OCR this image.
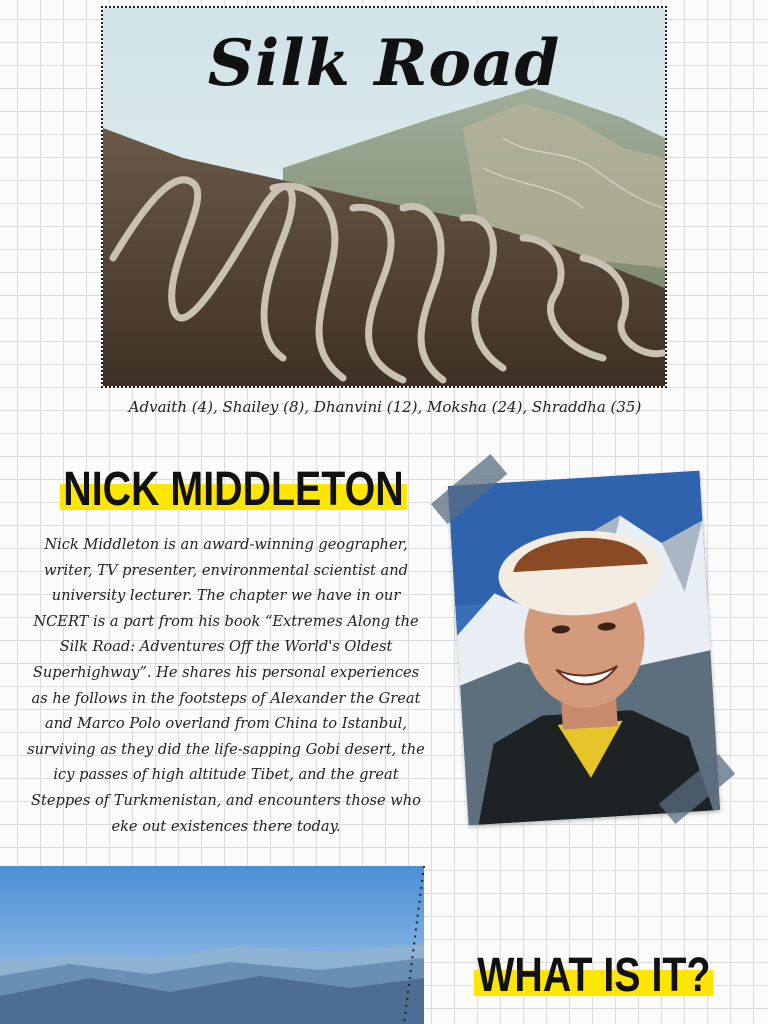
Silk Road
Advaith (4), Shailey (8), Dhanvini (12), Moksha (24), Shraddha (35)
NICK MIDDLETON
Nick Middleton is an award-winning geographer, writer, TV presenter, environmental scientist and university lecturer. The chapter we have in our NCERT is a part from his book “Extremes Along the Silk Road: Adventures Off the World's Oldest Superhighway”. He shares his personal experiences as he follows in the footsteps of Alexander the Great and Marco Polo overland from China to Istanbul, surviving as they did the life-sapping Gobi desert, the icy passes of high altitude Tibet, and the great Steppes of Turkmenistan, and encounters those who eke out existences there today.
WHAT IS IT?
